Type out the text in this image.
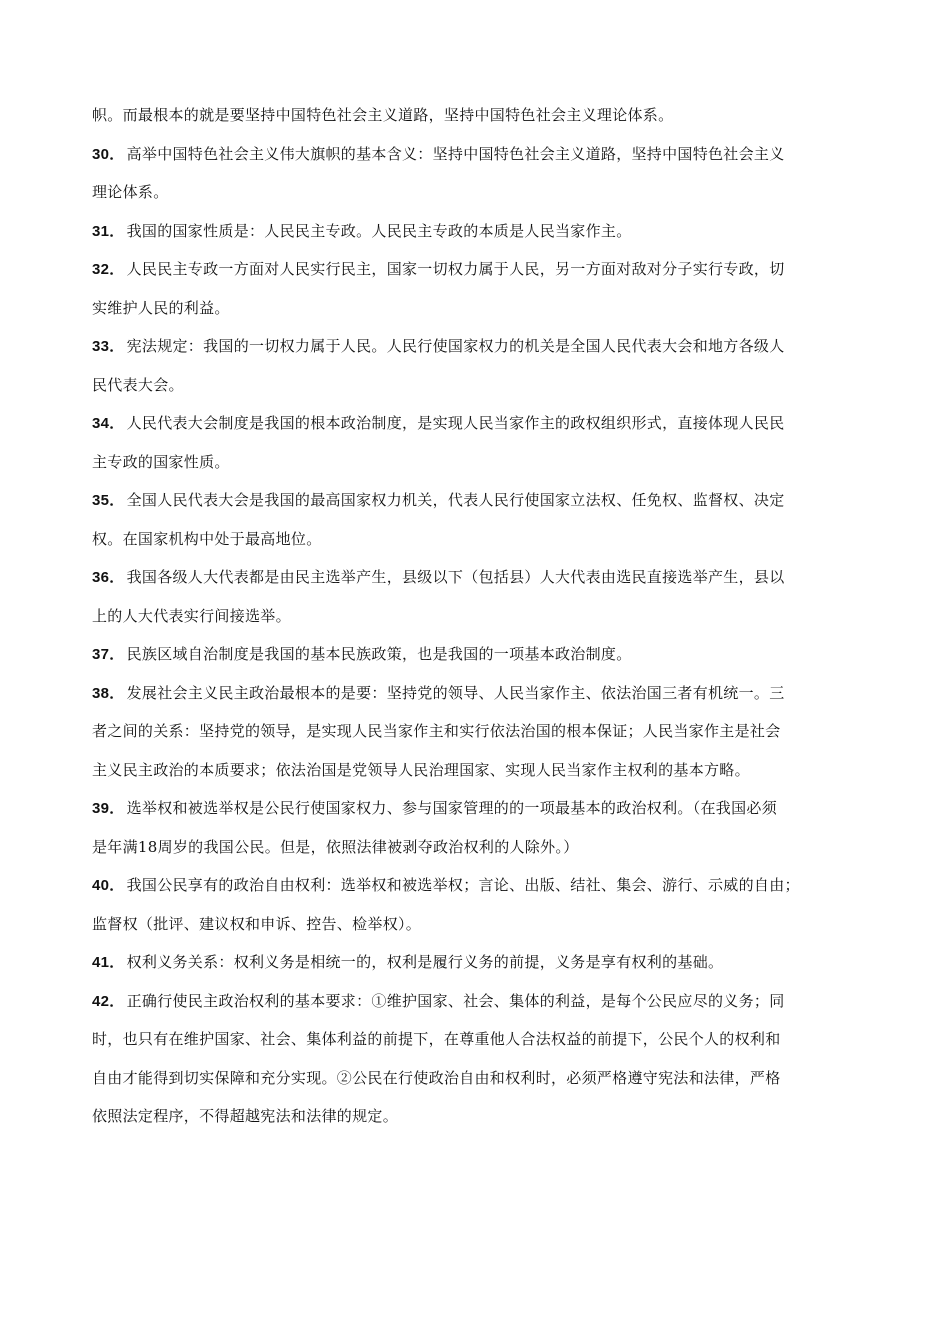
帜。而最根本的就是要坚持中国特色社会主义道路，坚持中国特色社会主义理论体系。
30． 高举中国特色社会主义伟大旗帜的基本含义：坚持中国特色社会主义道路，坚持中国特色社会主义
理论体系。
31． 我国的国家性质是：人民民主专政。人民民主专政的本质是人民当家作主。
32． 人民民主专政一方面对人民实行民主，国家一切权力属于人民，另一方面对敌对分子实行专政，切
实维护人民的利益。
33． 宪法规定：我国的一切权力属于人民。人民行使国家权力的机关是全国人民代表大会和地方各级人
民代表大会。
34． 人民代表大会制度是我国的根本政治制度，是实现人民当家作主的政权组织形式，直接体现人民民
主专政的国家性质。
35． 全国人民代表大会是我国的最高国家权力机关，代表人民行使国家立法权、任免权、监督权、决定
权。在国家机构中处于最高地位。
36． 我国各级人大代表都是由民主选举产生，县级以下（包括县）人大代表由选民直接选举产生，县以
上的人大代表实行间接选举。
37． 民族区域自治制度是我国的基本民族政策，也是我国的一项基本政治制度。
38． 发展社会主义民主政治最根本的是要：坚持党的领导、人民当家作主、依法治国三者有机统一。三
者之间的关系：坚持党的领导，是实现人民当家作主和实行依法治国的根本保证；人民当家作主是社会
主义民主政治的本质要求；依法治国是党领导人民治理国家、实现人民当家作主权利的基本方略。
39． 选举权和被选举权是公民行使国家权力、参与国家管理的的一项最基本的政治权利。（在我国必须
是年满18周岁的我国公民。但是，依照法律被剥夺政治权利的人除外。）
40． 我国公民享有的政治自由权利：选举权和被选举权；言论、出版、结社、集会、游行、示威的自由；
监督权（批评、建议权和申诉、控告、检举权）。
41． 权利义务关系：权利义务是相统一的，权利是履行义务的前提，义务是享有权利的基础。
42． 正确行使民主政治权利的基本要求：①维护国家、社会、集体的利益，是每个公民应尽的义务；同
时，也只有在维护国家、社会、集体利益的前提下，在尊重他人合法权益的前提下，公民个人的权利和
自由才能得到切实保障和充分实现。②公民在行使政治自由和权利时，必须严格遵守宪法和法律，严格
依照法定程序，不得超越宪法和法律的规定。
